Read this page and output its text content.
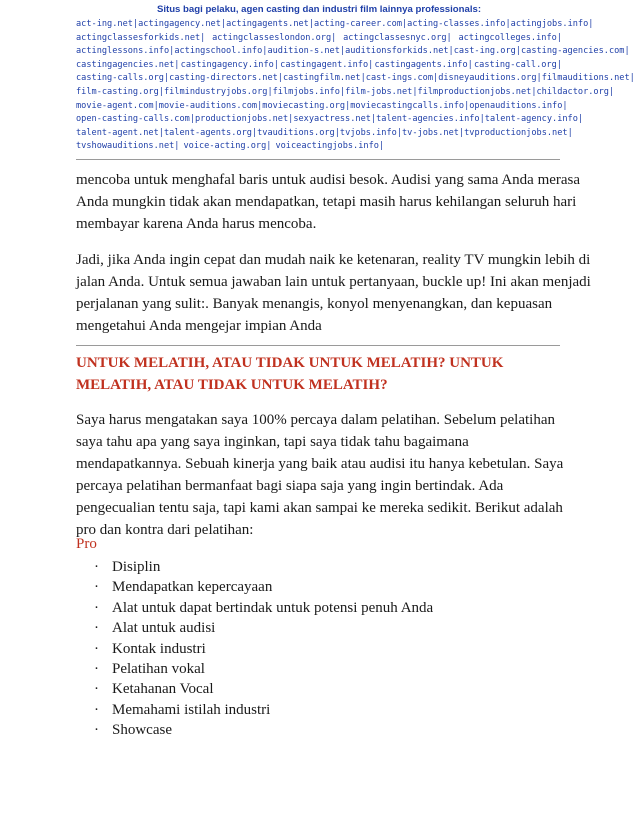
Situs bagi pelaku, agen casting dan industri film lainnya professionals:
act-ing.net| actingagency.net| actingagents.net| acting-career.com| acting-classes.info| actingjobs.info|
actingclassesforkids.net| actingclasseslondon.org| actingclassesnyc.org| actingcolleges.info|
actinglessons.info| actingschool.info| audition-s.net| auditionsforkids.net| cast-ing.org| casting-agencies.com|
castingagencies.net| castingagency.info| castingagent.info| castingagents.info| casting-call.org|
casting-calls.org| casting-directors.net| castingfilm.net| cast-ings.com| disneyauditions.org| filmauditions.net|
film-casting.org| filmindustryjobs.org| filmjobs.info| film-jobs.net| filmproductionjobs.net| childactor.org|
movie-agent.com| movie-auditions.com| moviecasting.org| moviecastingcalls.info| openauditions.info|
open-casting-calls.com| productionjobs.net| sexyactress.net| talent-agencies.info| talent-agency.info|
talent-agent.net| talent-agents.org| tvauditions.org| tvjobs.info| tv-jobs.net| tvproductionjobs.net|
tvshowauditions.net| voice-acting.org| voiceactingjobs.info|

mencoba untuk menghafal baris untuk audisi besok. Audisi yang sama Anda merasa Anda mungkin tidak akan mendapatkan, tetapi masih harus kehilangan seluruh hari membayar karena Anda harus mencoba.

Jadi, jika Anda ingin cepat dan mudah naik ke ketenaran, reality TV mungkin lebih di jalan Anda. Untuk semua jawaban lain untuk pertanyaan, buckle up! Ini akan menjadi perjalanan yang sulit:. Banyak menangis, konyol menyenangkan, dan kepuasan mengetahui Anda mengejar impian Anda

UNTUK MELATIH, ATAU TIDAK UNTUK MELATIH? UNTUK MELATIH, ATAU TIDAK UNTUK MELATIH?

Saya harus mengatakan saya 100% percaya dalam pelatihan. Sebelum pelatihan saya tahu apa yang saya inginkan, tapi saya tidak tahu bagaimana mendapatkannya. Sebuah kinerja yang baik atau audisi itu hanya kebetulan. Saya percaya pelatihan bermanfaat bagi siapa saja yang ingin bertindak. Ada pengecualian tentu saja, tapi kami akan sampai ke mereka sedikit. Berikut adalah pro dan kontra dari pelatihan:

Pro
· Disiplin
· Mendapatkan kepercayaan
· Alat untuk dapat bertindak untuk potensi penuh Anda
· Alat untuk audisi
· Kontak industri
· Pelatihan vokal
· Ketahanan Vocal
· Memahami istilah industri
· Showcase
